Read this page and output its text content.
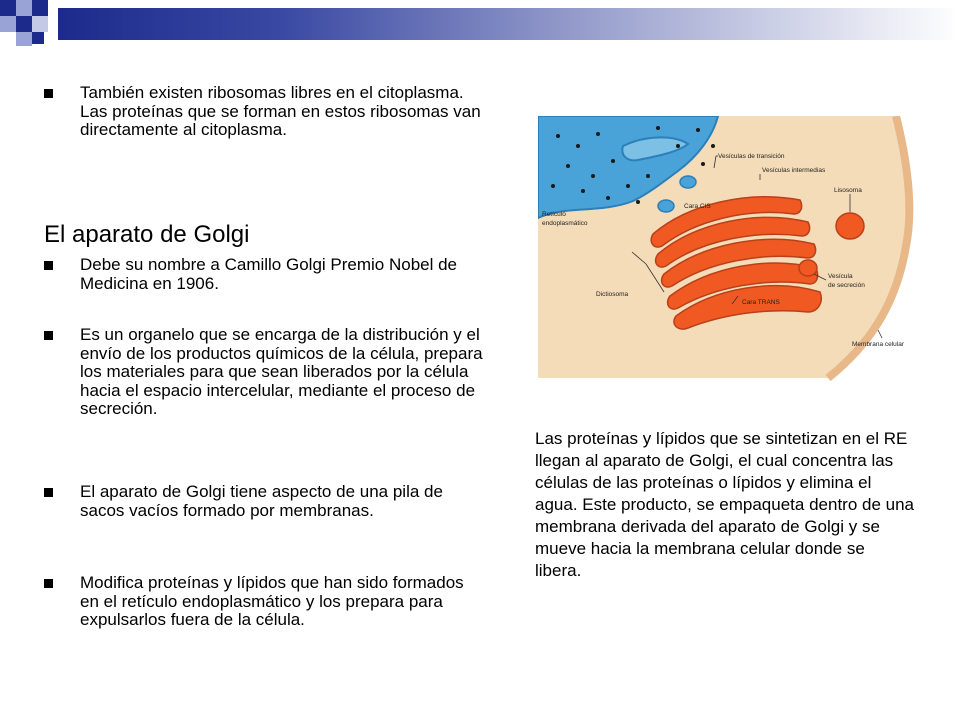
También existen ribosomas libres en el citoplasma. Las proteínas que se forman en estos ribosomas van directamente al citoplasma.
El aparato de Golgi
Debe su nombre a Camillo Golgi Premio Nobel de Medicina en 1906.
Es un organelo que se encarga de la distribución y el envío de los productos químicos de la célula, prepara los materiales para que sean liberados por la célula hacia el espacio intercelular, mediante el proceso de secreción.
El aparato de Golgi tiene aspecto de una pila de sacos vacíos formado por membranas.
Modifica proteínas y lípidos que han sido formados en el retículo endoplasmático y los prepara para expulsarlos fuera de la célula.
Vesículas de transición
Vesículas intermedias
Lisosoma
Cara CIS
Retículo
endoplasmático
Vesícula
de secreción
Dictiosoma
Cara TRANS
Membrana celular
Las proteínas y lípidos que se sintetizan en el RE llegan al aparato de Golgi, el cual concentra las células de las proteínas o lípidos y elimina el agua. Este producto, se empaqueta dentro de una membrana derivada del aparato de Golgi y se mueve hacia la membrana celular donde se libera.
